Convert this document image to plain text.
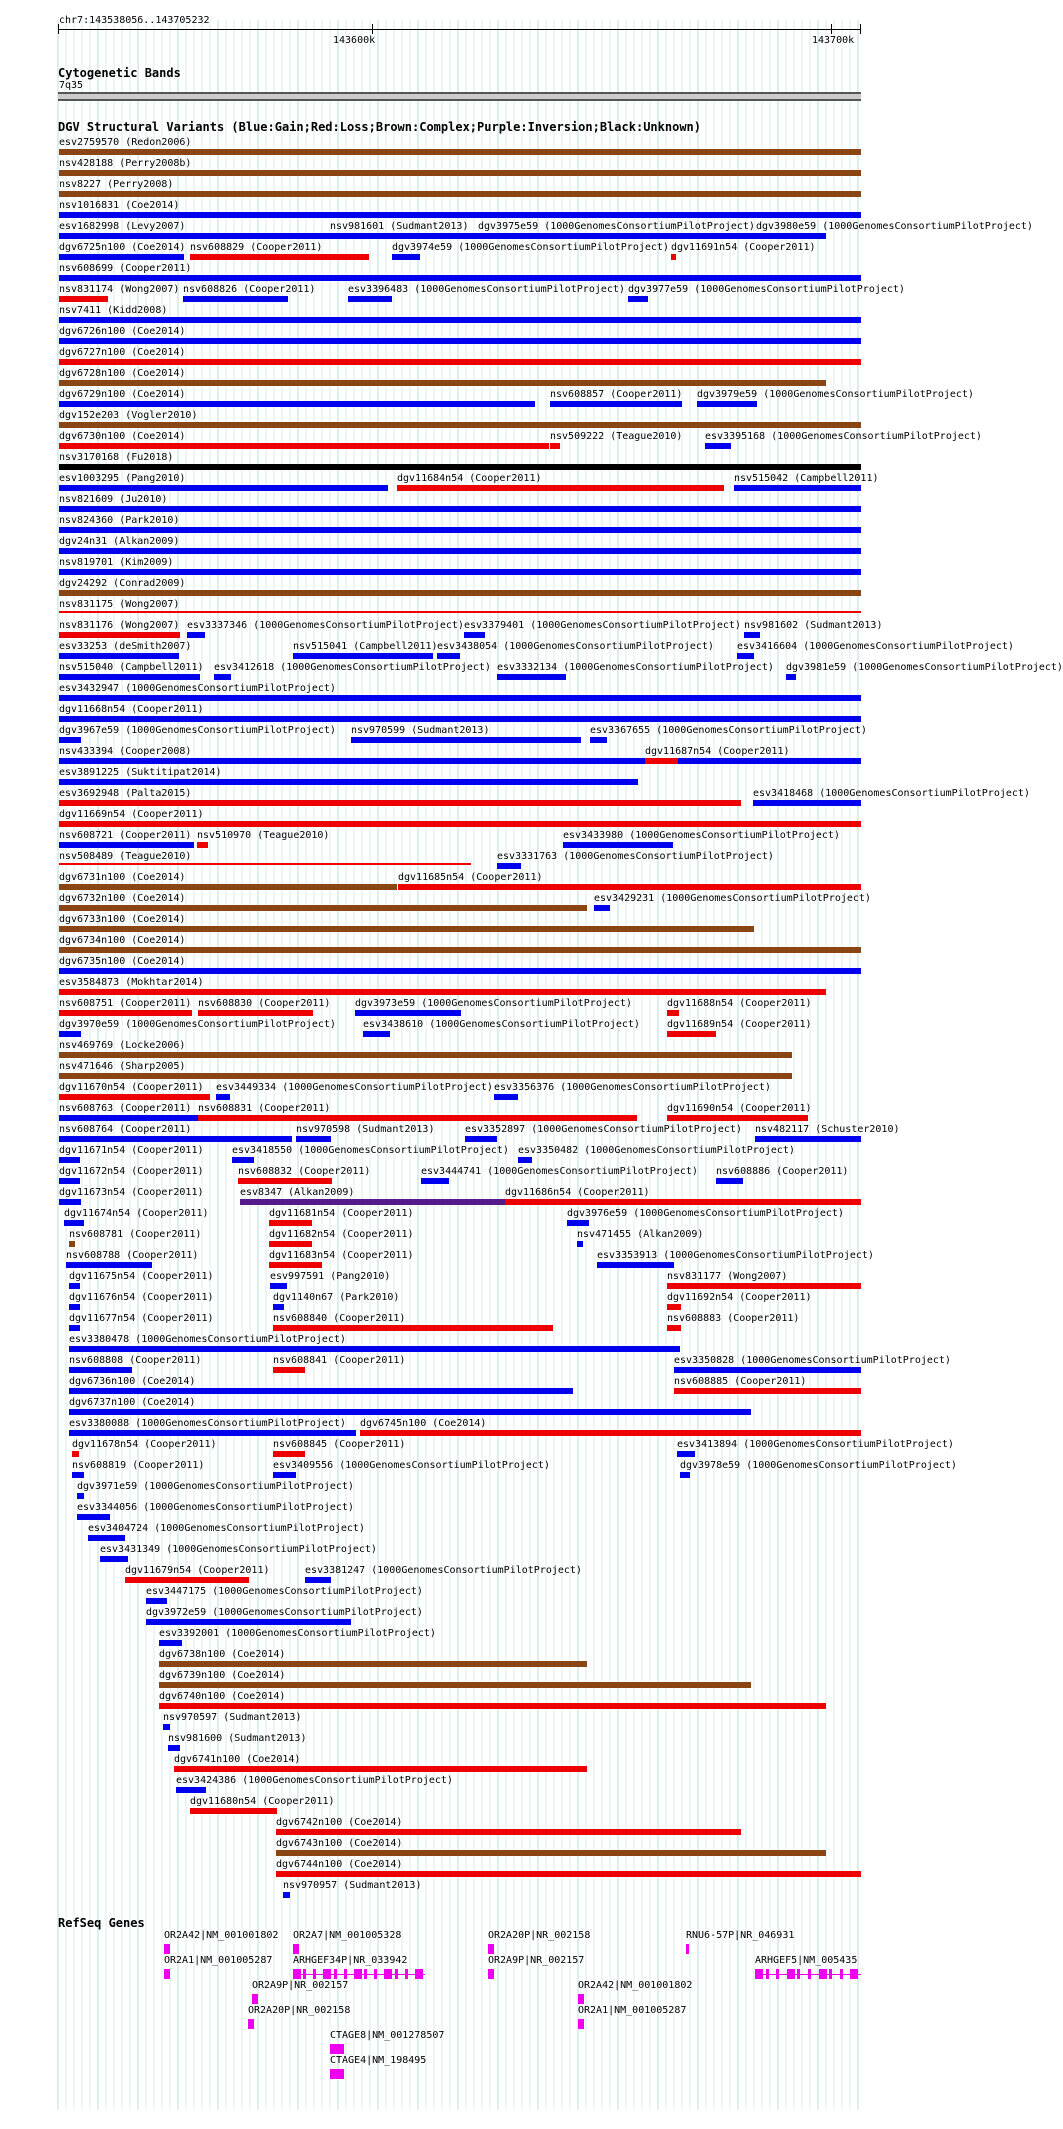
chr7:143538056..143705232
143600k	143700k
Cytogenetic Bands
7q35
DGV Structural Variants (Blue:Gain;Red:Loss;Brown:Complex;Purple:Inversion;Black:Unknown)
esv2759570 (Redon2006)
nsv428188 (Perry2008b)
nsv8227 (Perry2008)
nsv1016831 (Coe2014)
esv1682998 (Levy2007)	nsv981601 (Sudmant2013) dgv3975e59 (1000GenomesConsortiumPilotProject) dgv3980e59 (1000GenomesConsortiumPilotProject)
dgv6725n100 (Coe2014) nsv608829 (Cooper2011)	dgv3974e59 (1000GenomesConsortiumPilotProject) dgv11691n54 (Cooper2011)
nsv608699 (Cooper2011)
nsv831174 (Wong2007) nsv608826 (Cooper2011)	esv3396483 (1000GenomesConsortiumPilotProject) dgv3977e59 (1000GenomesConsortiumPilotProject)
nsv7411 (Kidd2008)
dgv6726n100 (Coe2014)
dgv6727n100 (Coe2014)
dgv6728n100 (Coe2014)
dgv6729n100 (Coe2014)	nsv608857 (Cooper2011) dgv3979e59 (1000GenomesConsortiumPilotProject)
dgv152e203 (Vogler2010)
dgv6730n100 (Coe2014)	nsv509222 (Teague2010) esv3395168 (1000GenomesConsortiumPilotProject)
nsv3170168 (Fu2018)
esv1003295 (Pang2010)	dgv11684n54 (Cooper2011)	nsv515042 (Campbell2011)
nsv821609 (Ju2010)
nsv824360 (Park2010)
dgv24n31 (Alkan2009)
nsv819701 (Kim2009)
dgv24292 (Conrad2009)
nsv831175 (Wong2007)
nsv831176 (Wong2007) esv3337346 (1000GenomesConsortiumPilotProject) esv3379401 (1000GenomesConsortiumPilotProject) nsv981602 (Sudmant2013)
esv33253 (deSmith2007)	nsv515041 (Campbell2011) esv3438054 (1000GenomesConsortiumPilotProject) esv3416604 (1000GenomesConsortiumPilotProject)
nsv515040 (Campbell2011) esv3412618 (1000GenomesConsortiumPilotProject) esv3332134 (1000GenomesConsortiumPilotProject) dgv3981e59 (1000GenomesConsortiumPilotProject)
esv3432947 (1000GenomesConsortiumPilotProject)
dgv11668n54 (Cooper2011)
dgv3967e59 (1000GenomesConsortiumPilotProject) nsv970599 (Sudmant2013)	esv3367655 (1000GenomesConsortiumPilotProject)
nsv433394 (Cooper2008)	dgv11687n54 (Cooper2011)
esv3891225 (Suktitipat2014)
esv3692948 (Palta2015)	esv3418468 (1000GenomesConsortiumPilotProject)
dgv11669n54 (Cooper2011)
nsv608721 (Cooper2011) nsv510970 (Teague2010)	esv3433980 (1000GenomesConsortiumPilotProject)
nsv508489 (Teague2010)	esv3331763 (1000GenomesConsortiumPilotProject)
dgv6731n100 (Coe2014)	dgv11685n54 (Cooper2011)
dgv6732n100 (Coe2014)	esv3429231 (1000GenomesConsortiumPilotProject)
dgv6733n100 (Coe2014)
dgv6734n100 (Coe2014)
dgv6735n100 (Coe2014)
esv3584873 (Mokhtar2014)
nsv608751 (Cooper2011) nsv608830 (Cooper2011) dgv3973e59 (1000GenomesConsortiumPilotProject)	dgv11688n54 (Cooper2011)
dgv3970e59 (1000GenomesConsortiumPilotProject)	esv3438610 (1000GenomesConsortiumPilotProject)	dgv11689n54 (Cooper2011)
nsv469769 (Locke2006)
nsv471646 (Sharp2005)
dgv11670n54 (Cooper2011) esv3449334 (1000GenomesConsortiumPilotProject) esv3356376 (1000GenomesConsortiumPilotProject)
nsv608763 (Cooper2011) nsv608831 (Cooper2011)	dgv11690n54 (Cooper2011)
nsv608764 (Cooper2011)	nsv970598 (Sudmant2013)	esv3352897 (1000GenomesConsortiumPilotProject) nsv482117 (Schuster2010)
dgv11671n54 (Cooper2011)	esv3418550 (1000GenomesConsortiumPilotProject) esv3350482 (1000GenomesConsortiumPilotProject)
dgv11672n54 (Cooper2011)	nsv608832 (Cooper2011)	esv3444741 (1000GenomesConsortiumPilotProject) nsv608886 (Cooper2011)
dgv11673n54 (Cooper2011)	esv8347 (Alkan2009)	dgv11686n54 (Cooper2011)
dgv11674n54 (Cooper2011)	dgv11681n54 (Cooper2011)	dgv3976e59 (1000GenomesConsortiumPilotProject)
nsv608781 (Cooper2011)	dgv11682n54 (Cooper2011)	nsv471455 (Alkan2009)
nsv608788 (Cooper2011)	dgv11683n54 (Cooper2011)	esv3353913 (1000GenomesConsortiumPilotProject)
dgv11675n54 (Cooper2011)	esv997591 (Pang2010)	nsv831177 (Wong2007)
dgv11676n54 (Cooper2011)	dgv1140n67 (Park2010)	dgv11692n54 (Cooper2011)
dgv11677n54 (Cooper2011)	nsv608840 (Cooper2011)	nsv608883 (Cooper2011)
esv3380478 (1000GenomesConsortiumPilotProject)
nsv608808 (Cooper2011)	nsv608841 (Cooper2011)	esv3350828 (1000GenomesConsortiumPilotProject)
dgv6736n100 (Coe2014)	nsv608885 (Cooper2011)
dgv6737n100 (Coe2014)
esv3380088 (1000GenomesConsortiumPilotProject) dgv6745n100 (Coe2014)
dgv11678n54 (Cooper2011)	nsv608845 (Cooper2011)	esv3413894 (1000GenomesConsortiumPilotProject)
nsv608819 (Cooper2011)	esv3409556 (1000GenomesConsortiumPilotProject)	dgv3978e59 (1000GenomesConsortiumPilotProject)
dgv3971e59 (1000GenomesConsortiumPilotProject)
esv3344056 (1000GenomesConsortiumPilotProject)
esv3404724 (1000GenomesConsortiumPilotProject)
esv3431349 (1000GenomesConsortiumPilotProject)
dgv11679n54 (Cooper2011)	esv3381247 (1000GenomesConsortiumPilotProject)
esv3447175 (1000GenomesConsortiumPilotProject)
dgv3972e59 (1000GenomesConsortiumPilotProject)
esv3392001 (1000GenomesConsortiumPilotProject)
dgv6738n100 (Coe2014)
dgv6739n100 (Coe2014)
dgv6740n100 (Coe2014)
nsv970597 (Sudmant2013)
nsv981600 (Sudmant2013)
dgv6741n100 (Coe2014)
esv3424386 (1000GenomesConsortiumPilotProject)
dgv11680n54 (Cooper2011)
dgv6742n100 (Coe2014)
dgv6743n100 (Coe2014)
dgv6744n100 (Coe2014)
nsv970957 (Sudmant2013)
RefSeq Genes
OR2A42|NM_001001802 OR2A7|NM_001005328	OR2A20P|NR_002158	RNU6-57P|NR_046931
OR2A1|NM_001005287 ARHGEF34P|NR_033942	OR2A9P|NR_002157	ARHGEF5|NM_005435
OR2A9P|NR_002157	OR2A42|NM_001001802
OR2A20P|NR_002158	OR2A1|NM_001005287
CTAGE8|NM_001278507
CTAGE4|NM_198495
